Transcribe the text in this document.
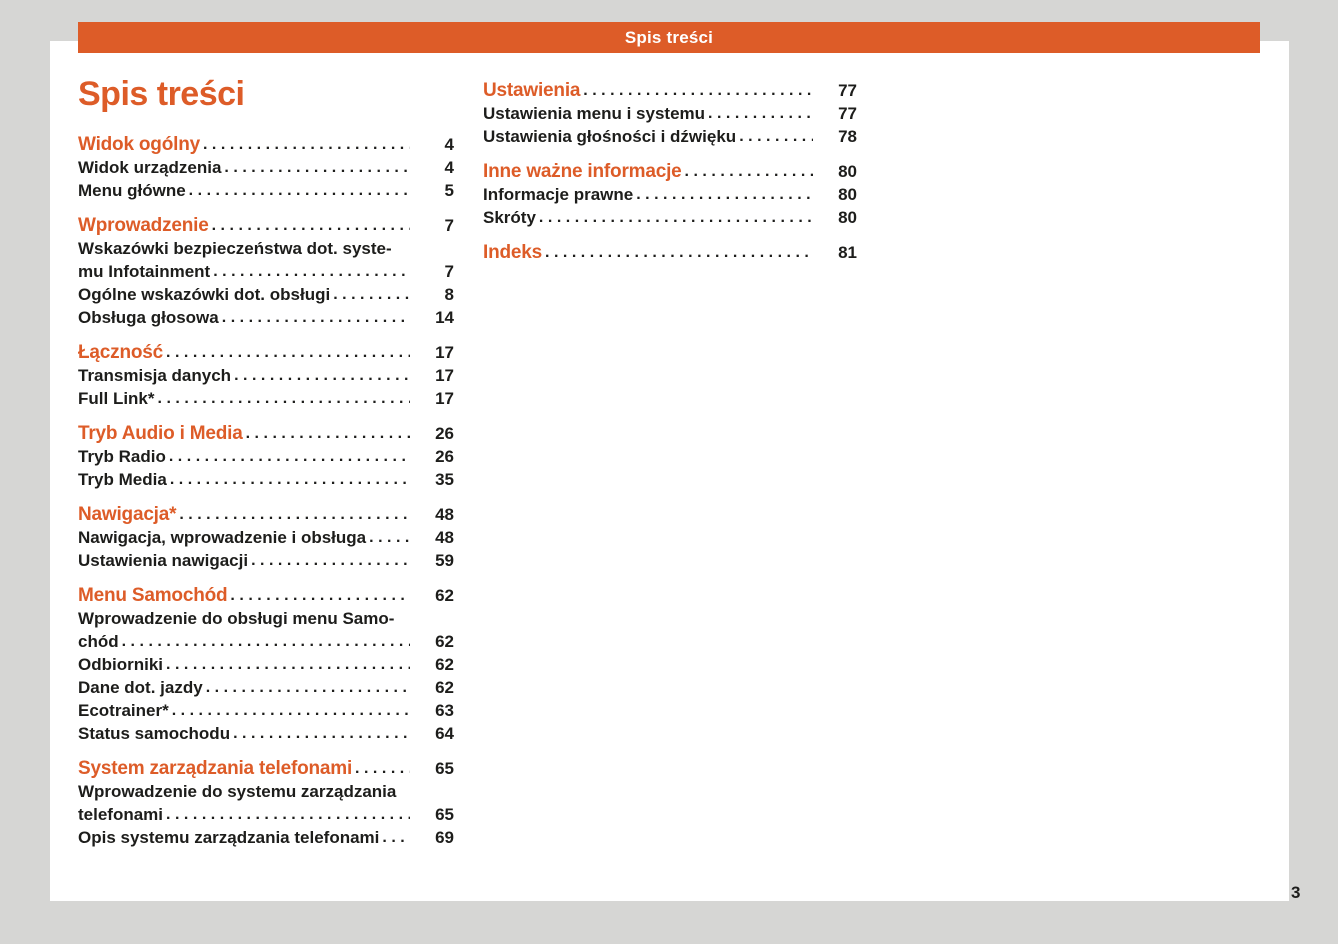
Spis treści
Spis treści
Widok ogólny .....	4
Widok urządzenia .....	4
Menu główne .....	5
Wprowadzenie .....	7
Wskazówki bezpieczeństwa dot. syste-
mu Infotainment .....	7
Ogólne wskazówki dot. obsługi .....	8
Obsługa głosowa .....	14
Łączność .....	17
Transmisja danych .....	17
Full Link* .....	17
Tryb Audio i Media .....	26
Tryb Radio .....	26
Tryb Media .....	35
Nawigacja* .....	48
Nawigacja, wprowadzenie i obsługa .....	48
Ustawienia nawigacji .....	59
Menu Samochód .....	62
Wprowadzenie do obsługi menu Samo-
chód .....	62
Odbiorniki .....	62
Dane dot. jazdy .....	62
Ecotrainer* .....	63
Status samochodu .....	64
System zarządzania telefonami .....	65
Wprowadzenie do systemu zarządzania
telefonami .....	65
Opis systemu zarządzania telefonami .....	69
Ustawienia .....	77
Ustawienia menu i systemu .....	77
Ustawienia głośności i dźwięku .....	78
Inne ważne informacje .....	80
Informacje prawne .....	80
Skróty .....	80
Indeks .....	81
3
